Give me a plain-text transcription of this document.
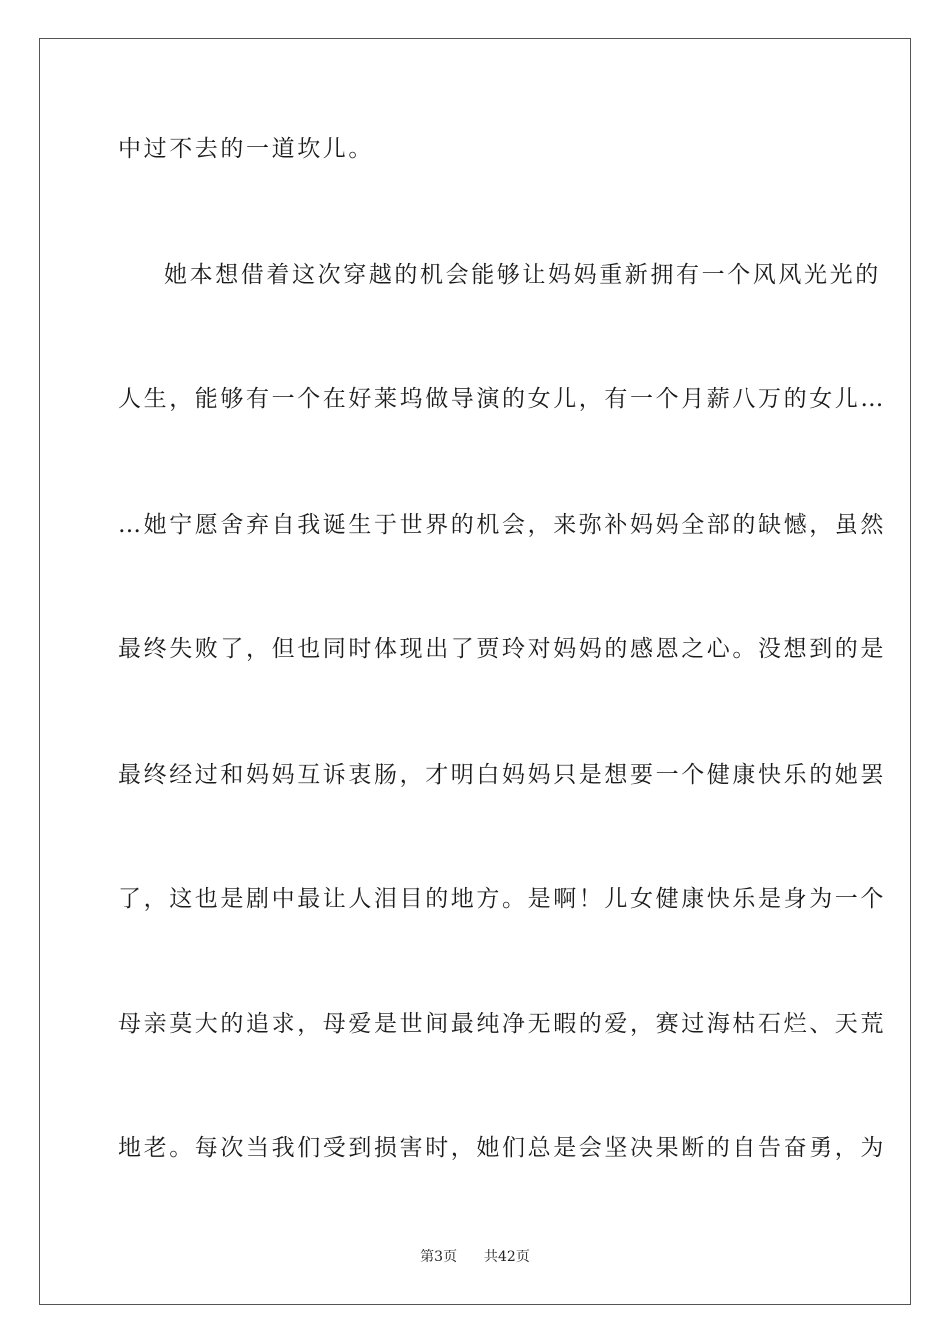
中过不去的一道坎儿。
她本想借着这次穿越的机会能够让妈妈重新拥有一个风风光光的
人生，能够有一个在好莱坞做导演的女儿，有一个月薪八万的女儿…
…她宁愿舍弃自我诞生于世界的机会，来弥补妈妈全部的缺憾，虽然
最终失败了，但也同时体现出了贾玲对妈妈的感恩之心。没想到的是
最终经过和妈妈互诉衷肠，才明白妈妈只是想要一个健康快乐的她罢
了，这也是剧中最让人泪目的地方。是啊！儿女健康快乐是身为一个
母亲莫大的追求，母爱是世间最纯净无暇的爱，赛过海枯石烂、天荒
地老。每次当我们受到损害时，她们总是会坚决果断的自告奋勇，为
第3页 共42页
